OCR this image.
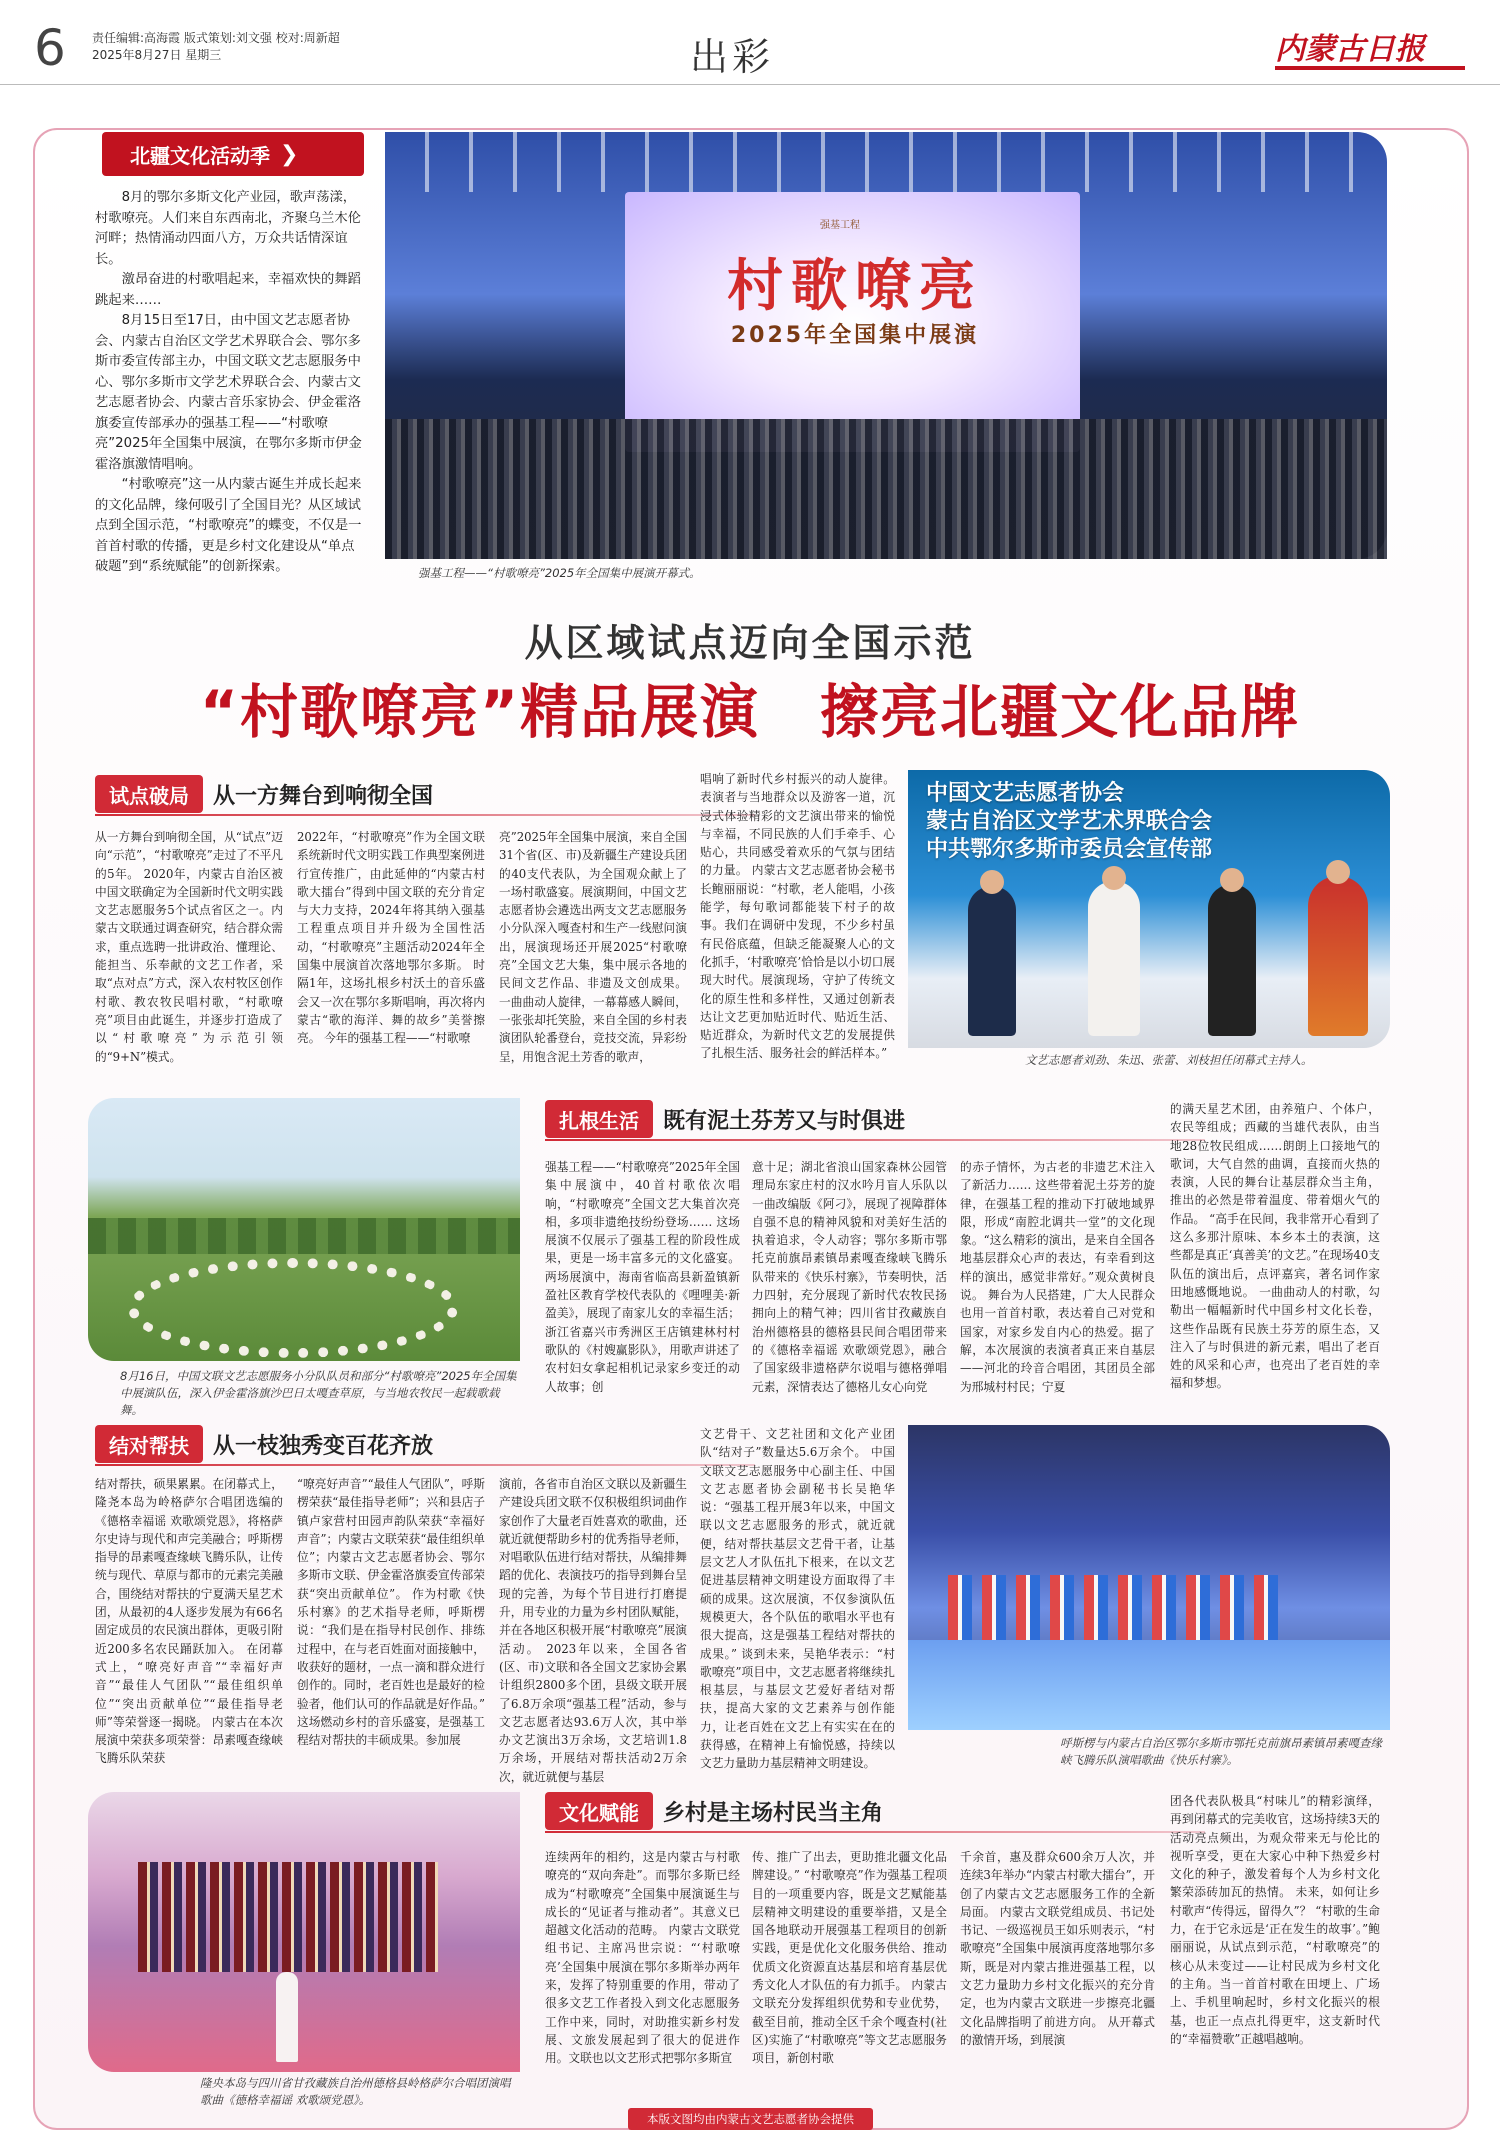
6 责任编辑:高海霞 版式策划:刘文强 校对:周新超
2025年8月27日 星期三	出彩	内蒙古日报
北疆文化活动季 ❯

8月的鄂尔多斯文化产业园，歌声荡漾，村歌嘹亮。人们来自东西南北，齐聚乌兰木伦河畔；热情涌动四面八方，万众共话情深谊长。

激昂奋进的村歌唱起来，幸福欢快的舞蹈跳起来……

8月15日至17日，由中国文艺志愿者协会、内蒙古自治区文学艺术界联合会、鄂尔多斯市委宣传部主办，中国文联文艺志愿服务中心、鄂尔多斯市文学艺术界联合会、内蒙古文艺志愿者协会、内蒙古音乐家协会、伊金霍洛旗委宣传部承办的强基工程——“村歌嘹亮”2025年全国集中展演，在鄂尔多斯市伊金霍洛旗激情唱响。

“村歌嘹亮”这一从内蒙古诞生并成长起来的文化品牌，缘何吸引了全国目光？从区域试点到全国示范，“村歌嘹亮”的蝶变，不仅是一首首村歌的传播，更是乡村文化建设从“单点破题”到“系统赋能”的创新探索。

强基工程
村歌嘹亮
2025年全国集中展演
强基工程——“村歌嘹亮”2025年全国集中展演开幕式。
从区域试点迈向全国示范
“村歌嘹亮”精品展演　擦亮北疆文化品牌
试点破局	从一方舞台到响彻全国
从一方舞台到响彻全国，从“试点”迈向“示范”，“村歌嘹亮”走过了不平凡的5年。 2020年，内蒙古自治区被中国文联确定为全国新时代文明实践文艺志愿服务5个试点省区之一。内蒙古文联通过调查研究，结合群众需求，重点选聘一批讲政治、懂理论、能担当、乐奉献的文艺工作者，采取“点对点”方式，深入农村牧区创作村歌、教农牧民唱村歌，“村歌嘹亮”项目由此诞生，并逐步打造成了以“村歌嘹亮”为示范引领的“9+N”模式。
2022年，“村歌嘹亮”作为全国文联系统新时代文明实践工作典型案例进行宣传推广，由此延伸的“内蒙古村歌大擂台”得到中国文联的充分肯定与大力支持，2024年将其纳入强基工程重点项目并升级为全国性活动，“村歌嘹亮”主题活动2024年全国集中展演首次落地鄂尔多斯。 时隔1年，这场扎根乡村沃土的音乐盛会又一次在鄂尔多斯唱响，再次将内蒙古“歌的海洋、舞的故乡”美誉擦亮。 今年的强基工程——“村歌嘹
亮”2025年全国集中展演，来自全国31个省(区、市)及新疆生产建设兵团的40支代表队，为全国观众献上了一场村歌盛宴。展演期间，中国文艺志愿者协会遴选出两支文艺志愿服务小分队深入嘎查村和生产一线慰问演出，展演现场还开展2025“村歌嘹亮”全国文艺大集，集中展示各地的民间文艺作品、非遗及文创成果。 一曲曲动人旋律，一幕幕感人瞬间，一张张却托笑脸，来自全国的乡村表演团队轮番登台，竞技交流，异彩纷呈，用饱含泥土芳香的歌声，
唱响了新时代乡村振兴的动人旋律。表演者与当地群众以及游客一道，沉浸式体验精彩的文艺演出带来的愉悦与幸福，不同民族的人们手牵手、心贴心，共同感受着欢乐的气氛与团结的力量。 内蒙古文艺志愿者协会秘书长鲍丽丽说：“村歌，老人能唱，小孩能学，每句歌词都能装下村子的故事。我们在调研中发现，不少乡村虽有民俗底蕴，但缺乏能凝聚人心的文化抓手，‘村歌嘹亮’恰恰是以小切口展现大时代。展演现场，守护了传统文化的原生性和多样性，又通过创新表达让文艺更加贴近时代、贴近生活、贴近群众，为新时代文艺的发展提供了扎根生活、服务社会的鲜活样本。”
中国文艺志愿者协会
蒙古自治区文学艺术界联合会
中共鄂尔多斯市委员会宣传部
文艺志愿者刘劲、朱迅、张蕾、刘枝担任闭幕式主持人。
8月16日，中国文联文艺志愿服务小分队队员和部分“村歌嘹亮”2025年全国集中展演队伍，深入伊金霍洛旗沙巴日太嘎查草原，与当地农牧民一起载歌载舞。
扎根生活	既有泥土芬芳又与时俱进
强基工程——“村歌嘹亮”2025年全国集中展演中，40首村歌依次唱响，“村歌嘹亮”全国文艺大集首次亮相，多项非遗绝技纷纷登场…… 这场展演不仅展示了强基工程的阶段性成果，更是一场丰富多元的文化盛宴。 两场展演中，海南省临高县新盈镇新盈社区教育学校代表队的《哩哩美·新盈美》，展现了南家儿女的幸福生活；浙江省嘉兴市秀洲区王店镇建林村村歌队的《村嫂赢影队》，用歌声讲述了农村妇女拿起相机记录家乡变迁的动人故事；创
意十足；湖北省浪山国家森林公园管理局东家庄村的汉水吟月盲人乐队以一曲改编版《阿刁》，展现了视障群体自强不息的精神风貌和对美好生活的执着追求，令人动容；鄂尔多斯市鄂托克前旗昂素镇昂素嘎查缘峡飞腾乐队带来的《快乐村寨》，节奏明快，活力四射，充分展现了新时代农牧民扬拥向上的精气神；四川省甘孜藏族自治州德格县的德格县民间合唱团带来的《德格幸福谣 欢歌颂党恩》，融合了国家级非遗格萨尔说唱与德格弹唱元素，深情表达了德格儿女心向党
的赤子情怀，为古老的非遗艺术注入了新活力…… 这些带着泥土芬芳的旋律，在强基工程的推动下打破地域界限，形成“南腔北调共一堂”的文化现象。“这么精彩的演出，是来自全国各地基层群众心声的表达，有幸看到这样的演出，感觉非常好。”观众黄树良说。 舞台为人民搭建，广大人民群众也用一首首村歌，表达着自己对党和国家，对家乡发自内心的热爱。据了解，本次展演的表演者真正来自基层——河北的玲音合唱团，其团员全部为邢城村村民；宁夏
的满天星艺术团，由养殖户、个体户，农民等组成；西藏的当雄代表队，由当地28位牧民组成……朗朗上口接地气的歌词，大气自然的曲调，直接而火热的表演，人民的舞台让基层群众当主角，推出的必然是带着温度、带着烟火气的作品。 “高手在民间，我非常开心看到了这么多那汁原味、本乡本土的表演，这些都是真正‘真善美’的文艺。”在现场40支队伍的演出后，点评嘉宾，著名词作家田地感慨地说。 一曲曲动人的村歌，勾勒出一幅幅新时代中国乡村文化长卷，这些作品既有民族土芬芳的原生态，又注入了与时俱进的新元素，唱出了老百姓的风采和心声，也亮出了老百姓的幸福和梦想。
结对帮扶	从一枝独秀变百花齐放
结对帮扶，硕果累累。在闭幕式上，隆尧本岛为岭格萨尔合唱团选编的《德格幸福谣 欢歌颂党恩》，将格萨尔史诗与现代和声完美融合；呼斯楞指导的昂素嘎查缘峡飞腾乐队，让传统与现代、草原与都市的元素完美融合，围绕结对帮扶的宁夏满天星艺术团，从最初的4人逐步发展为有66名固定成员的农民演出群体，更吸引附近200多名农民踊跃加入。 在闭幕式上，“嘹亮好声音”“幸福好声音”“最佳人气团队”“最佳组织单位”“突出贡献单位”“最佳指导老师”等荣誉逐一揭晓。 内蒙古在本次展演中荣获多项荣誉：昂素嘎查缘峡飞腾乐队荣获
“嘹亮好声音”“最佳人气团队”，呼斯楞荣获“最佳指导老师”；兴和县店子镇卢家营村田园声韵队荣获“幸福好声音”；内蒙古文联荣获“最佳组织单位”；内蒙古文艺志愿者协会、鄂尔多斯市文联、伊金霍洛旗委宣传部荣获“突出贡献单位”。 作为村歌《快乐村寨》的艺术指导老师，呼斯楞说：“我们是在指导村民创作、排练过程中，在与老百姓面对面接触中，收获好的题材，一点一滴和群众进行创作的。同时，老百姓也是最好的检验者，他们认可的作品就是好作品。” 这场燃动乡村的音乐盛宴，是强基工程结对帮扶的丰硕成果。参加展
演前，各省市自治区文联以及新疆生产建设兵团文联不仅积极组织词曲作家创作了大量老百姓喜欢的歌曲，还就近就便帮助乡村的优秀指导老师，对唱歌队伍进行结对帮扶，从编排舞蹈的优化、表演技巧的指导到舞台呈现的完善，为每个节目进行打磨提升，用专业的力量为乡村团队赋能，并在各地区积极开展“村歌嘹亮”展演活动。 2023年以来，全国各省(区、市)文联和各全国文艺家协会累计组织2800多个团，县级文联开展了6.8万余项“强基工程”活动，参与文艺志愿者达93.6万人次，其中举办文艺演出3万余场，文艺培训1.8万余场，开展结对帮扶活动2万余次，就近就便与基层
文艺骨干、文艺社团和文化产业团队“结对子”数量达5.6万余个。 中国文联文艺志愿服务中心副主任、中国文艺志愿者协会副秘书长吴艳华说：“强基工程开展3年以来，中国文联以文艺志愿服务的形式，就近就便，结对帮扶基层文艺骨干者，让基层文艺人才队伍扎下根来，在以文艺促进基层精神文明建设方面取得了丰硕的成果。这次展演，不仅参演队伍规模更大，各个队伍的歌唱水平也有很大提高，这是强基工程结对帮扶的成果。” 谈到未来，吴艳华表示：“村歌嘹亮”项目中，文艺志愿者将继续扎根基层，与基层文艺爱好者结对帮扶，提高大家的文艺素养与创作能力，让老百姓在文艺上有实实在在的获得感，在精神上有愉悦感，持续以文艺力量助力基层精神文明建设。
呼斯楞与内蒙古自治区鄂尔多斯市鄂托克前旗昂素镇昂素嘎查缘峡飞腾乐队演唱歌曲《快乐村寨》。
隆央本岛与四川省甘孜藏族自治州德格县岭格萨尔合唱团演唱歌曲《德格幸福谣 欢歌颂党恩》。
文化赋能	乡村是主场村民当主角
连续两年的相约，这是内蒙古与村歌嘹亮的“双向奔赴”。而鄂尔多斯已经成为“村歌嘹亮”全国集中展演诞生与成长的“见证者与推动者”。其意义已超越文化活动的范畴。 内蒙古文联党组书记、主席冯世宗说：“‘村歌嘹亮’全国集中展演在鄂尔多斯举办两年来，发挥了特别重要的作用，带动了很多文艺工作者投入到文化志愿服务工作中来，同时，对助推实新乡村发展、文旅发展起到了很大的促进作用。文联也以文艺形式把鄂尔多斯宣
传、推广了出去，更助推北疆文化品牌建设。” “村歌嘹亮”作为强基工程项目的一项重要内容，既是文艺赋能基层精神文明建设的重要举措，又是全国各地联动开展强基工程项目的创新实践，更是优化文化服务供给、推动优质文化资源直达基层和培育基层优秀文化人才队伍的有力抓手。 内蒙古文联充分发挥组织优势和专业优势，截至目前，推动全区千余个嘎查村(社区)实施了“村歌嘹亮”等文艺志愿服务项目，新创村歌
千余首，惠及群众600余万人次，并连续3年举办“内蒙古村歌大擂台”，开创了内蒙古文艺志愿服务工作的全新局面。 内蒙古文联党组成员、书记处书记、一级巡视员王如乐则表示，“村歌嘹亮”全国集中展演再度落地鄂尔多斯，既是对内蒙古推进强基工程，以文艺力量助力乡村文化振兴的充分肯定，也为内蒙古文联进一步擦亮北疆文化品牌指明了前进方向。 从开幕式的激情开场，到展演
团各代表队极具“村味儿”的精彩演绎，再到闭幕式的完美收官，这场持续3天的活动亮点频出，为观众带来无与伦比的视听享受，更在大家心中种下热爱乡村文化的种子，激发着每个人为乡村文化繁荣添砖加瓦的热情。 未来，如何让乡村歌声“传得远，留得久”？ “村歌的生命力，在于它永远是‘正在发生的故事’。”鲍丽丽说，从试点到示范，“村歌嘹亮”的核心从未变过——让村民成为乡村文化的主角。当一首首村歌在田埂上、广场上、手机里响起时，乡村文化振兴的根基，也正一点点扎得更牢，这支新时代的“幸福赞歌”正越唱越响。
本版文图均由内蒙古文艺志愿者协会提供
